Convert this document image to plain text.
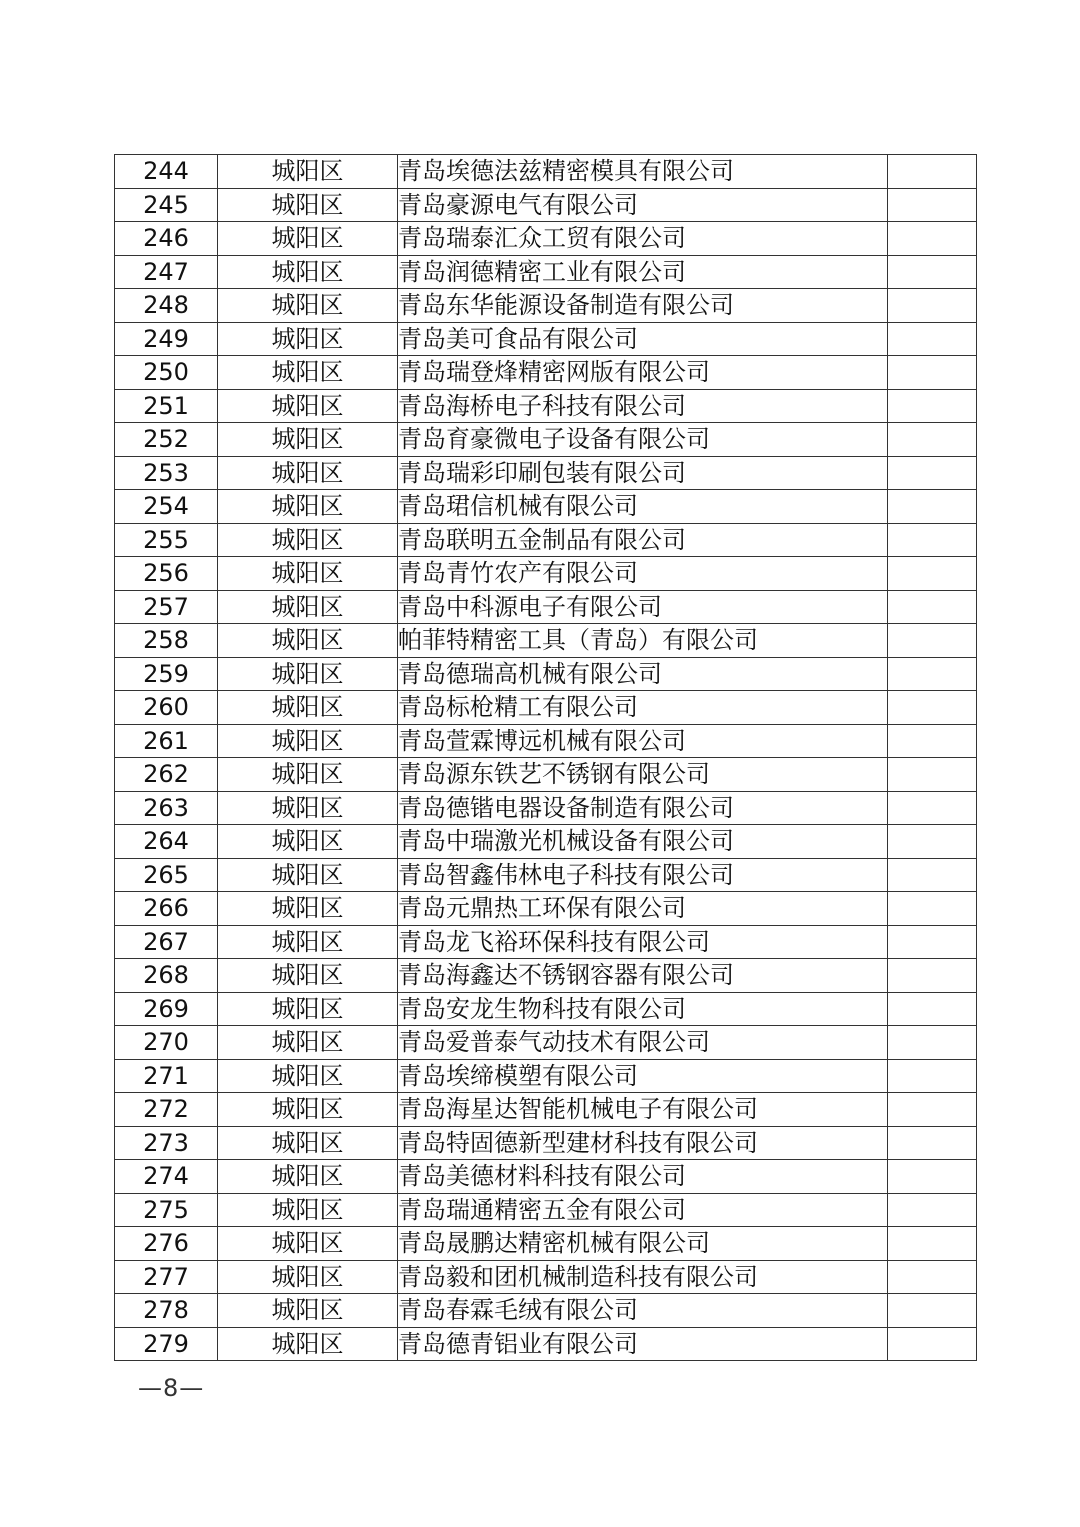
244	城阳区	青岛埃德法兹精密模具有限公司	
245	城阳区	青岛豪源电气有限公司	
246	城阳区	青岛瑞泰汇众工贸有限公司	
247	城阳区	青岛润德精密工业有限公司	
248	城阳区	青岛东华能源设备制造有限公司	
249	城阳区	青岛美可食品有限公司	
250	城阳区	青岛瑞登烽精密网版有限公司	
251	城阳区	青岛海桥电子科技有限公司	
252	城阳区	青岛育豪微电子设备有限公司	
253	城阳区	青岛瑞彩印刷包装有限公司	
254	城阳区	青岛珺信机械有限公司	
255	城阳区	青岛联明五金制品有限公司	
256	城阳区	青岛青竹农产有限公司	
257	城阳区	青岛中科源电子有限公司	
258	城阳区	帕菲特精密工具（青岛）有限公司	
259	城阳区	青岛德瑞高机械有限公司	
260	城阳区	青岛标枪精工有限公司	
261	城阳区	青岛萱霖博远机械有限公司	
262	城阳区	青岛源东铁艺不锈钢有限公司	
263	城阳区	青岛德锴电器设备制造有限公司	
264	城阳区	青岛中瑞激光机械设备有限公司	
265	城阳区	青岛智鑫伟林电子科技有限公司	
266	城阳区	青岛元鼎热工环保有限公司	
267	城阳区	青岛龙飞裕环保科技有限公司	
268	城阳区	青岛海鑫达不锈钢容器有限公司	
269	城阳区	青岛安龙生物科技有限公司	
270	城阳区	青岛爱普泰气动技术有限公司	
271	城阳区	青岛埃缔模塑有限公司	
272	城阳区	青岛海星达智能机械电子有限公司	
273	城阳区	青岛特固德新型建材科技有限公司	
274	城阳区	青岛美德材料科技有限公司	
275	城阳区	青岛瑞通精密五金有限公司	
276	城阳区	青岛晟鹏达精密机械有限公司	
277	城阳区	青岛毅和团机械制造科技有限公司	
278	城阳区	青岛春霖毛绒有限公司	
279	城阳区	青岛德青铝业有限公司	
—8—
